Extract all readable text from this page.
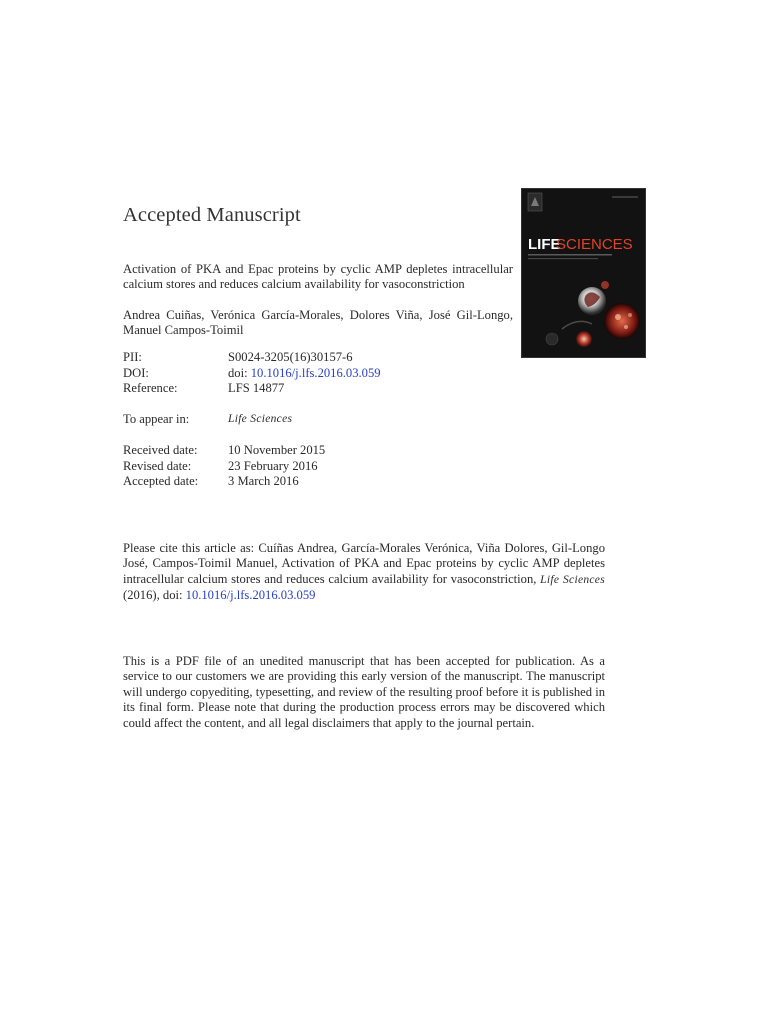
Accepted Manuscript
Activation of PKA and Epac proteins by cyclic AMP depletes intracellular calcium stores and reduces calcium availability for vasoconstriction
Andrea Cuiñas, Verónica García-Morales, Dolores Viña, José Gil-Longo, Manuel Campos-Toimil
PII:	S0024-3205(16)30157-6
DOI:	doi: 10.1016/j.lfs.2016.03.059
Reference:	LFS 14877
To appear in:	Life Sciences
Received date:	10 November 2015
Revised date:	23 February 2016
Accepted date:	3 March 2016
Please cite this article as: Cuíñas Andrea, García-Morales Verónica, Viña Dolores, Gil-Longo José, Campos-Toimil Manuel, Activation of PKA and Epac proteins by cyclic AMP depletes intracellular calcium stores and reduces calcium availability for vasoconstriction, Life Sciences (2016), doi: 10.1016/j.lfs.2016.03.059
This is a PDF file of an unedited manuscript that has been accepted for publication. As a service to our customers we are providing this early version of the manuscript. The manuscript will undergo copyediting, typesetting, and review of the resulting proof before it is published in its final form. Please note that during the production process errors may be discovered which could affect the content, and all legal disclaimers that apply to the journal pertain.
LIFE
SCIENCES
